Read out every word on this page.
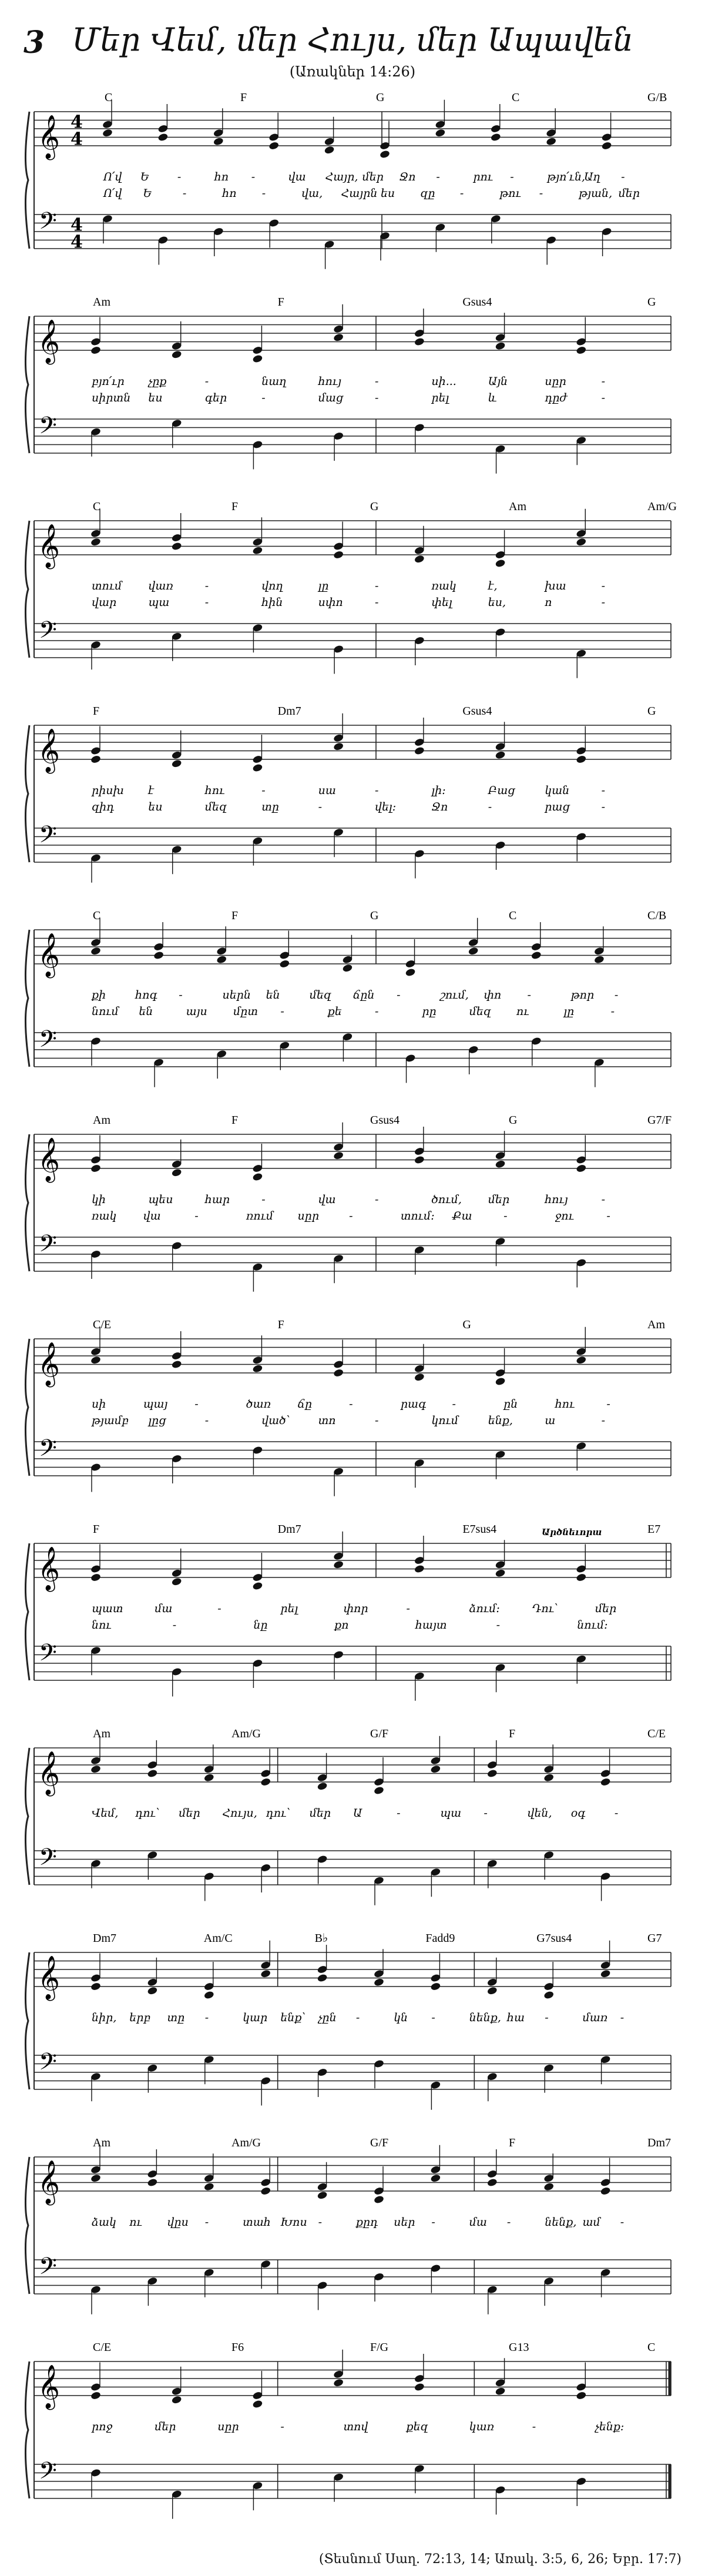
3 Մեր Վեմ, մեր Հույս, մեր Ապավեն
(Առակներ 14:26)
𝄞
𝄢
4
4
4
4
C	F	G	C	G/B
Ո՛վ Ե	-	հո -	վա Հայր, մեր Ջո -	րու -	թյո՛ւն,
Աղ -
Ո՛վ Ե	-	հո -	վա, Հայրն ես զը -	թու -	թյան, մեր
𝄞
𝄢
Am	F	Gsus4	G
բյո՛ւր չըք	-	նաղ	հույ	-	սի...	Այն	սըր	-
սիրտն ես	գեր	-	մաց	-	րել	և	դըժ	-
𝄞
𝄢
C	F	G	Am	Am/G
տում վառ	-	վող	լը	-	ռակ	է,	խա	-
վար	պա	-	հին	սփո	-	փել	ես,	ո	-
𝄞
𝄢
F	Dm7	Gsus4	G
րիսխ է	հու	-	սա	-	լի:	Բաց	կան	-
զիդ	ես	մեզ	տը	-	վել:	Ջո	-	րաց	-
𝄞
𝄢
C	F	G	C	C/B
քի	հոգ -	սերն են	մեզ ճըն -	շում, փո -	թոր -
նում են	այս մըտ -	քե	-	րը	մեզ ու	լը	-
𝄞
𝄢
Am	F	Gsus4	G	G7/F
կի	պես	հար	-	վա	-	ծում, մեր	հույ	-
ռակ վա	-	ռում սըր	-	տում: Քա	-	ջու	-
𝄞
𝄢
C/E	F	G	Am
սի	պայ -	ծառ ճը	-	րագ -	ըն	հու	-
թյամբ լըց	-	ված՝	տո	-	կում	ենք,	ա	-
𝄞
𝄢
Արծնեւորա
F	Dm7	E7sus4	E7
պատ	մա	-	րել	փոր	-	ձում:	Դու՝	մեր
նու	-	նը	քո	հայտ	-	նում:
𝄞
𝄢
Am	Am/G	G/F	F	C/E
Վեմ, դու՝ մեր Հույս, դու՝ մեր Ա	-	պա -	վեն, օգ	-
𝄞
𝄢
Dm7	Am/C	B♭	Fadd9	G7sus4	G7
նիր, երբ տը -	կար ենք՝ չըն -	կն -	նենք, հա -	մառ -
𝄞
𝄢
Am	Am/G	G/F	F	Dm7
ձակ ու վըս -	տահ Խոս -	քըդ սեր -	մա -	նենք, ամ -
𝄞
𝄢
C/E	F6	F/G	G13	C
րոջ	մեր	սըր	-	տով	քեզ	կառ	-	չենք:
(Տեսնում Սաղ. 72:13, 14; Առակ. 3:5, 6, 26; Եբր. 17:7)
